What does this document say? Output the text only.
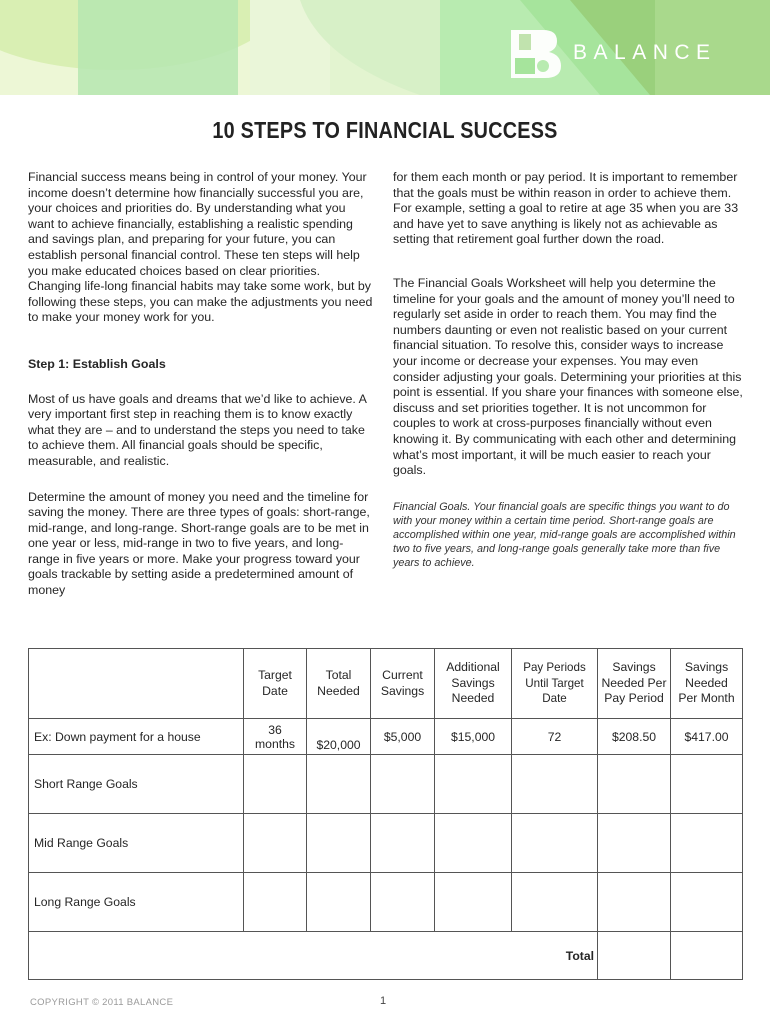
BALANCE
10 STEPS TO FINANCIAL SUCCESS

Financial success means being in control of your money. Your income doesn’t determine how financially successful you are, your choices and priorities do. By understanding what you want to achieve financially, establishing a realistic spending and savings plan, and preparing for your future, you can establish personal financial control. These ten steps will help you make educated choices based on clear priorities. Changing life-long financial habits may take some work, but by following these steps, you can make the adjustments you need to make your money work for you.

Step 1: Establish Goals

Most of us have goals and dreams that we’d like to achieve. A very important first step in reaching them is to know exactly what they are – and to understand the steps you need to take to achieve them. All financial goals should be specific, measurable, and realistic.

Determine the amount of money you need and the timeline for saving the money. There are three types of goals: short-range, mid-range, and long-range. Short-range goals are to be met in one year or less, mid-range in two to five years, and long-range in five years or more. Make your progress toward your goals trackable by setting aside a predetermined amount of money

for them each month or pay period. It is important to remember that the goals must be within reason in order to achieve them. For example, setting a goal to retire at age 35 when you are 33 and have yet to save anything is likely not as achievable as setting that retirement goal further down the road.

The Financial Goals Worksheet will help you determine the timeline for your goals and the amount of money you’ll need to regularly set aside in order to reach them. You may find the numbers daunting or even not realistic based on your current financial situation. To resolve this, consider ways to increase your income or decrease your expenses. You may even consider adjusting your goals. Determining your priorities at this point is essential. If you share your finances with someone else, discuss and set priorities together. It is not uncommon for couples to work at cross-purposes financially without even knowing it. By communicating with each other and determining what’s most important, it will be much easier to reach your goals.

Financial Goals. Your financial goals are specific things you want to do with your money within a certain time period. Short-range goals are accomplished within one year, mid-range goals are accomplished within two to five years, and long-range goals generally take more than five years to achieve.

	Target Date	Total Needed	Current Savings	Additional Savings Needed	Pay Periods Until Target Date	Savings Needed Per Pay Period	Savings Needed Per Month
Ex: Down payment for a house	36 months	$20,000	$5,000	$15,000	72	$208.50	$417.00
Short Range Goals							
Mid Range Goals							
Long Range Goals							
Total							
COPYRIGHT © 2011 BALANCE	1
